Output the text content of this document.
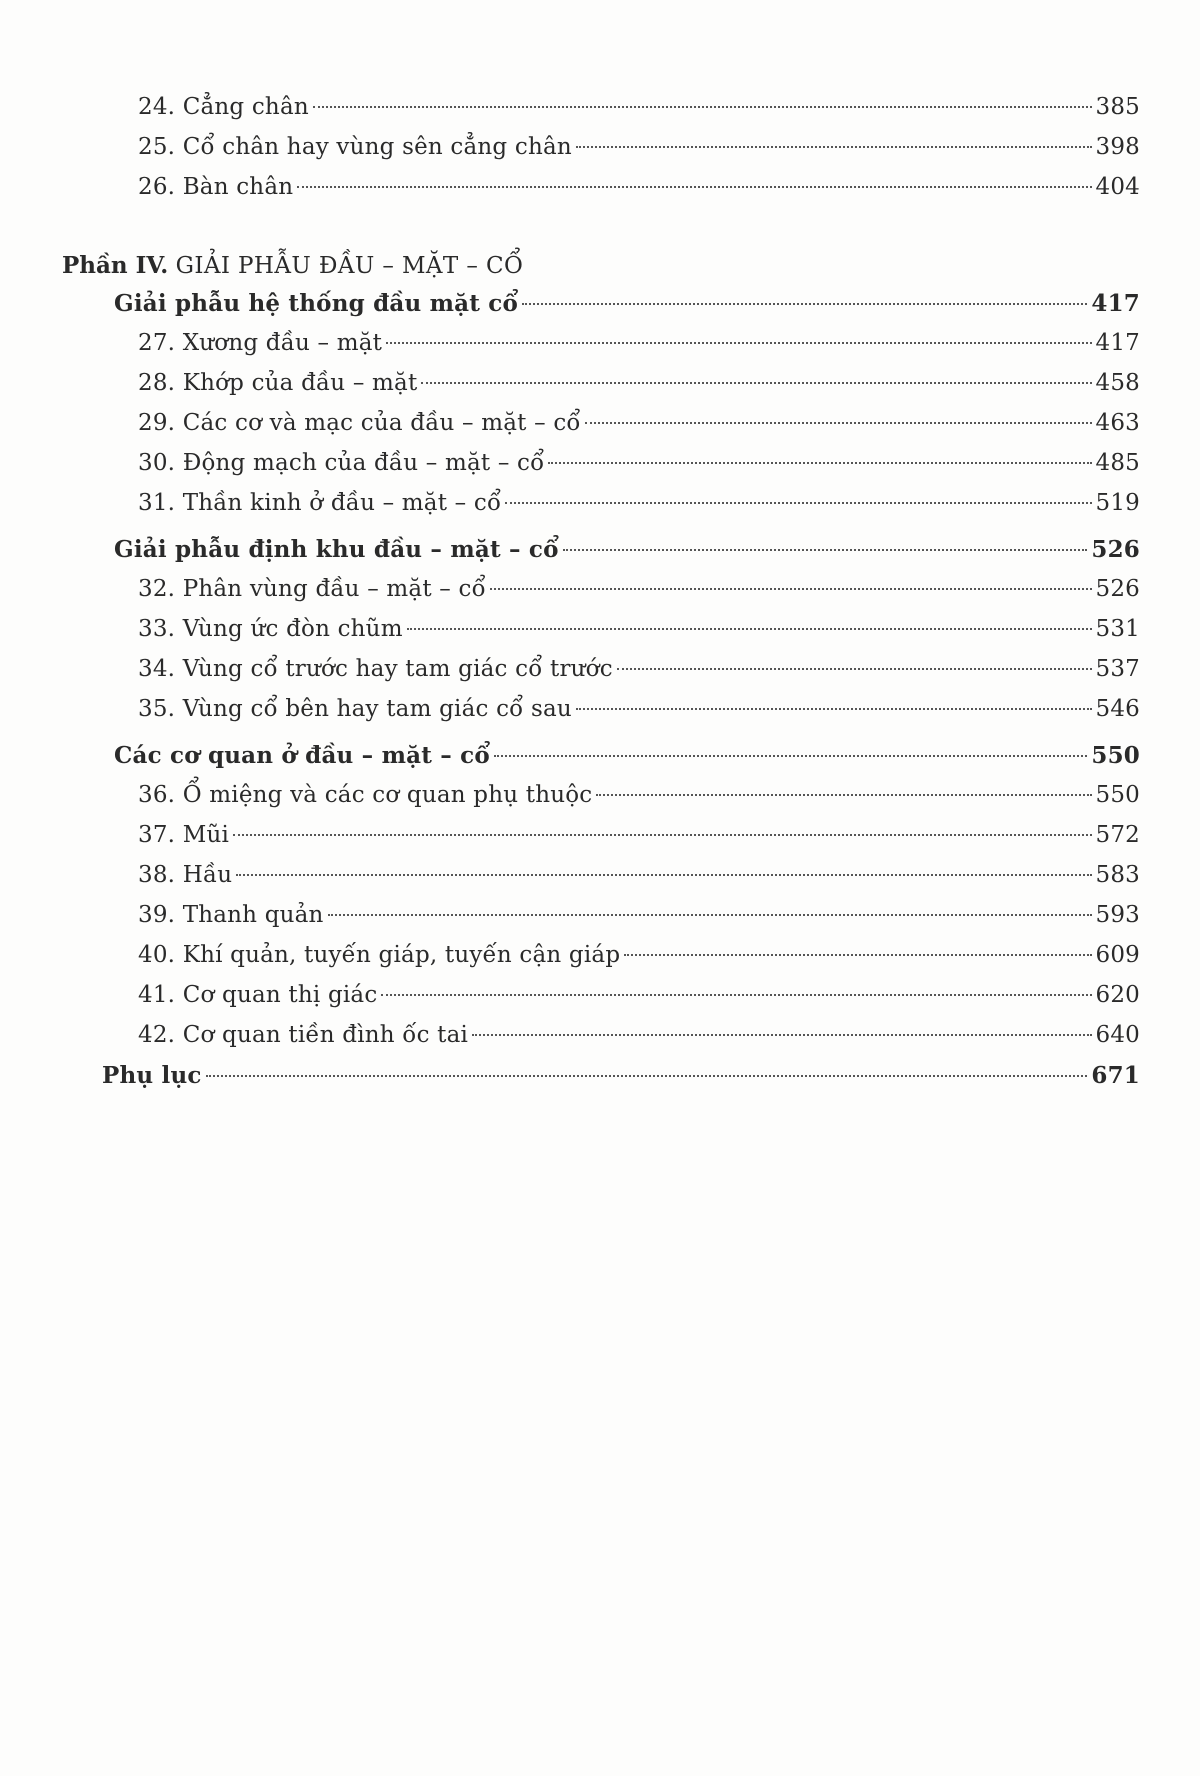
24. Cẳng chân	385
25. Cổ chân hay vùng sên cẳng chân	398
26. Bàn chân	404
Phần IV. GIẢI PHẪU ĐẦU – MẶT – CỔ
Giải phẫu hệ thống đầu mặt cổ	417
27. Xương đầu – mặt	417
28. Khớp của đầu – mặt	458
29. Các cơ và mạc của đầu – mặt – cổ	463
30. Động mạch của đầu – mặt – cổ	485
31. Thần kinh ở đầu – mặt – cổ	519
Giải phẫu định khu đầu – mặt – cổ	526
32. Phân vùng đầu – mặt – cổ	526
33. Vùng ức đòn chũm	531
34. Vùng cổ trước hay tam giác cổ trước	537
35. Vùng cổ bên hay tam giác cổ sau	546
Các cơ quan ở đầu – mặt – cổ	550
36. Ổ miệng và các cơ quan phụ thuộc	550
37. Mũi	572
38. Hầu	583
39. Thanh quản	593
40. Khí quản, tuyến giáp, tuyến cận giáp	609
41. Cơ quan thị giác	620
42. Cơ quan tiền đình ốc tai	640
Phụ lục	671
